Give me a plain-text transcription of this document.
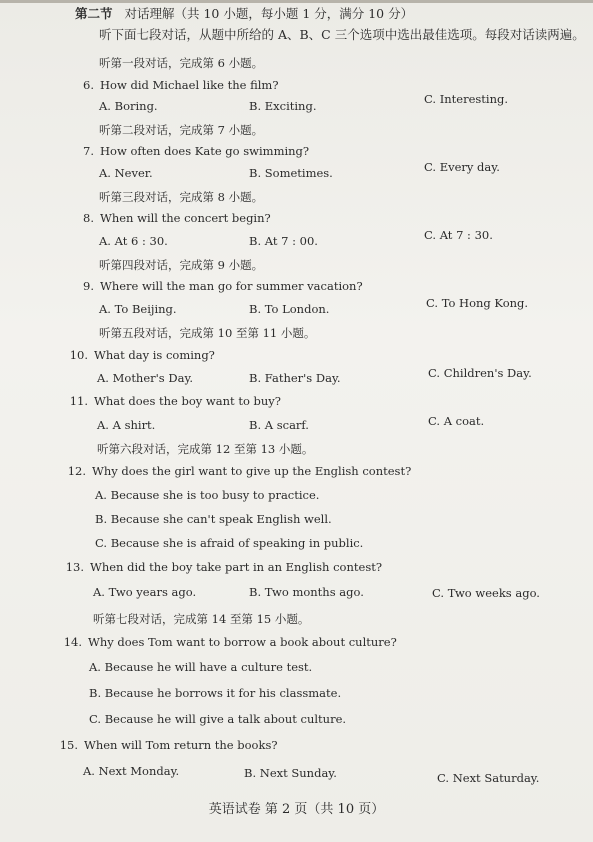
第二节 对话理解（共 10 小题，每小题 1 分，满分 10 分）
听下面七段对话，从题中所给的 A、B、C 三个选项中选出最佳选项。每段对话读两遍。
听第一段对话，完成第 6 小题。
6. How did Michael like the film?
A. Boring.	B. Exciting.	C. Interesting.
听第二段对话，完成第 7 小题。
7. How often does Kate go swimming?
A. Never.	B. Sometimes.	C. Every day.
听第三段对话，完成第 8 小题。
8. When will the concert begin?
A. At 6 : 30.	B. At 7 : 00.	C. At 7 : 30.
听第四段对话，完成第 9 小题。
9. Where will the man go for summer vacation?
A. To Beijing.	B. To London.	C. To Hong Kong.
听第五段对话，完成第 10 至第 11 小题。
10. What day is coming?
A. Mother's Day.	B. Father's Day.	C. Children's Day.
11. What does the boy want to buy?
A. A shirt.	B. A scarf.	C. A coat.
听第六段对话，完成第 12 至第 13 小题。
12. Why does the girl want to give up the English contest?
A. Because she is too busy to practice.
B. Because she can't speak English well.
C. Because she is afraid of speaking in public.
13. When did the boy take part in an English contest?
A. Two years ago.	B. Two months ago.	C. Two weeks ago.
听第七段对话，完成第 14 至第 15 小题。
14. Why does Tom want to borrow a book about culture?
A. Because he will have a culture test.
B. Because he borrows it for his classmate.
C. Because he will give a talk about culture.
15. When will Tom return the books?
A. Next Monday.	B. Next Sunday.	C. Next Saturday.
英语试卷 第 2 页（共 10 页）
